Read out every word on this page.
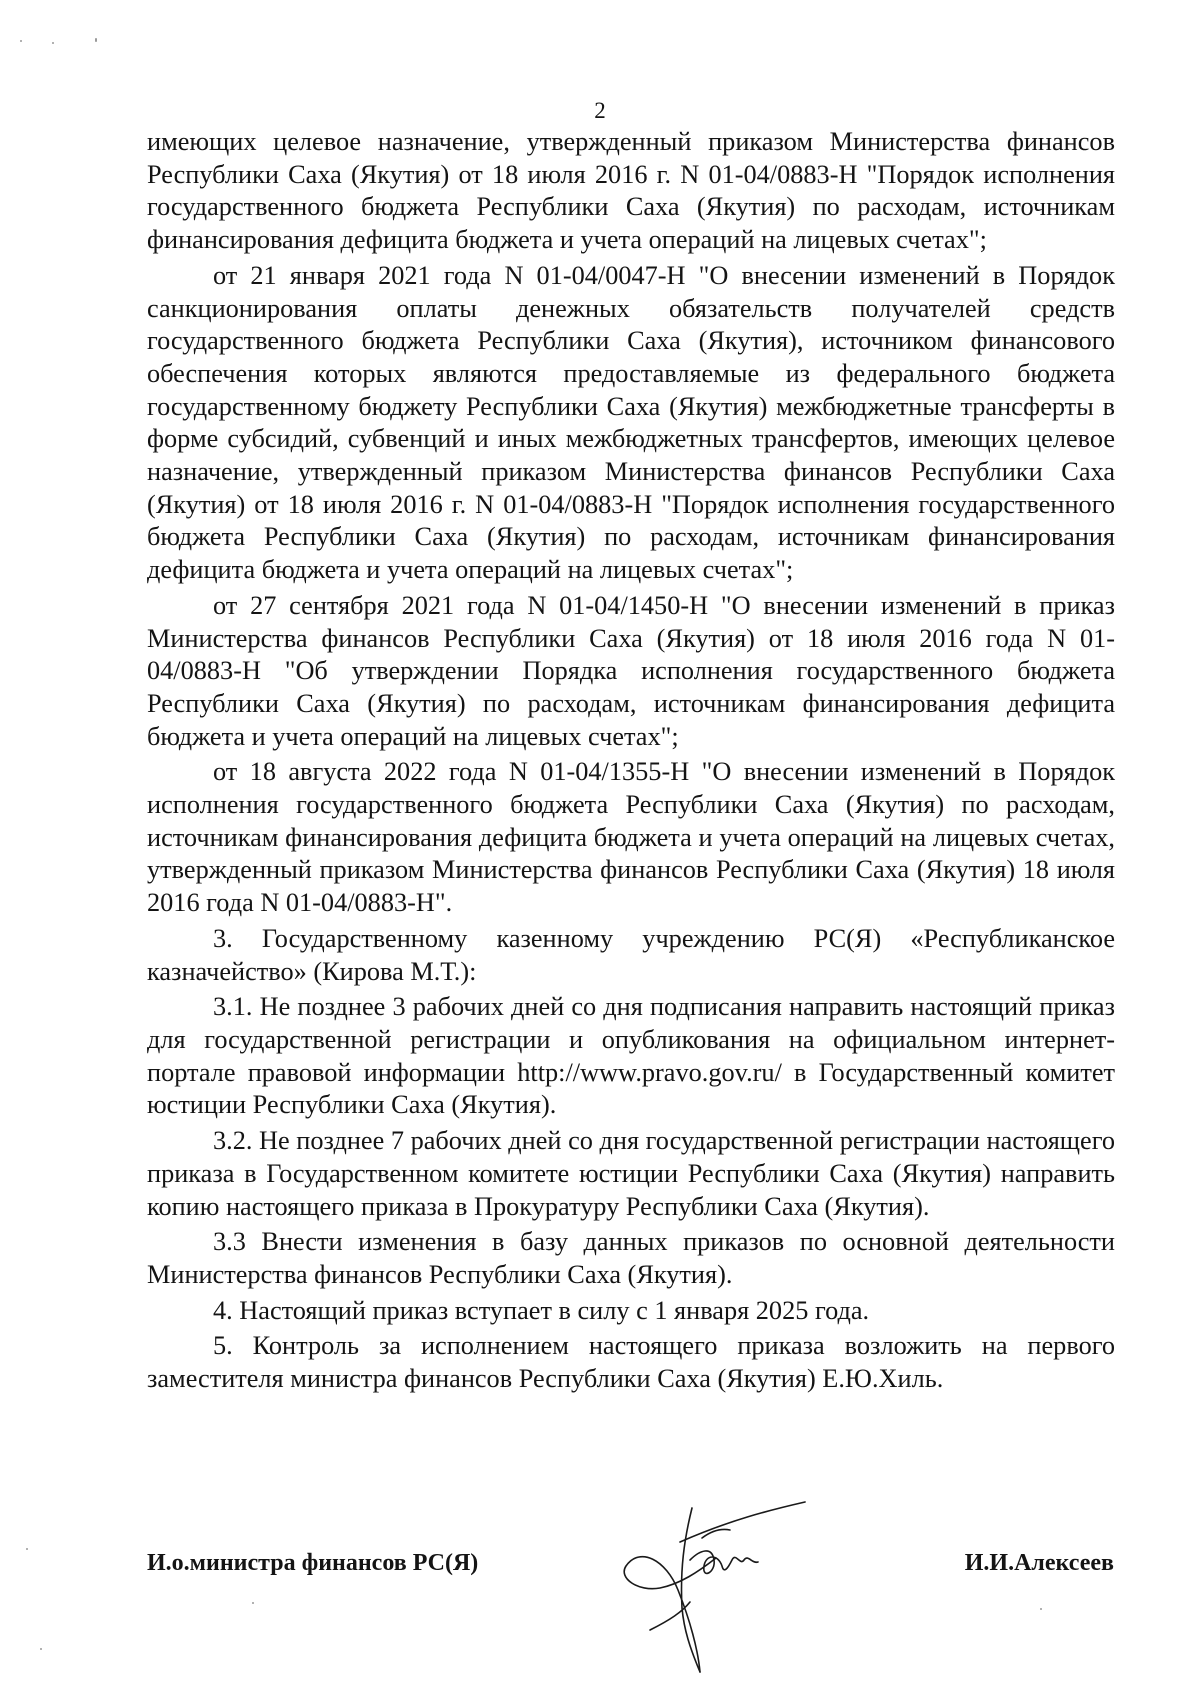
2

имеющих целевое назначение, утвержденный приказом Министерства финансов Республики Саха (Якутия) от 18 июля 2016 г. N 01-04/0883-Н "Порядок исполнения государственного бюджета Республики Саха (Якутия) по расходам, источникам финансирования дефицита бюджета и учета операций на лицевых счетах";

от 21 января 2021 года N 01-04/0047-Н "О внесении изменений в Порядок санкционирования оплаты денежных обязательств получателей средств государственного бюджета Республики Саха (Якутия), источником финансового обеспечения которых являются предоставляемые из федерального бюджета государственному бюджету Республики Саха (Якутия) межбюджетные трансферты в форме субсидий, субвенций и иных межбюджетных трансфертов, имеющих целевое назначение, утвержденный приказом Министерства финансов Республики Саха (Якутия) от 18 июля 2016 г. N 01-04/0883-Н "Порядок исполнения государственного бюджета Республики Саха (Якутия) по расходам, источникам финансирования дефицита бюджета и учета операций на лицевых счетах";

от 27 сентября 2021 года N 01-04/1450-Н "О внесении изменений в приказ Министерства финансов Республики Саха (Якутия) от 18 июля 2016 года N 01-04/0883-Н "Об утверждении Порядка исполнения государственного бюджета Республики Саха (Якутия) по расходам, источникам финансирования дефицита бюджета и учета операций на лицевых счетах";

от 18 августа 2022 года N 01-04/1355-Н "О внесении изменений в Порядок исполнения государственного бюджета Республики Саха (Якутия) по расходам, источникам финансирования дефицита бюджета и учета операций на лицевых счетах, утвержденный приказом Министерства финансов Республики Саха (Якутия) 18 июля 2016 года N 01-04/0883-Н".

3. Государственному казенному учреждению РС(Я) «Республиканское казначейство» (Кирова М.Т.):

3.1. Не позднее 3 рабочих дней со дня подписания направить настоящий приказ для государственной регистрации и опубликования на официальном интернет-портале правовой информации http://www.pravo.gov.ru/ в Государственный комитет юстиции Республики Саха (Якутия).

3.2. Не позднее 7 рабочих дней со дня государственной регистрации настоящего приказа в Государственном комитете юстиции Республики Саха (Якутия) направить копию настоящего приказа в Прокуратуру Республики Саха (Якутия).

3.3 Внести изменения в базу данных приказов по основной деятельности Министерства финансов Республики Саха (Якутия).

4. Настоящий приказ вступает в силу с 1 января 2025 года.

5. Контроль за исполнением настоящего приказа возложить на первого заместителя министра финансов Республики Саха (Якутия) Е.Ю.Хиль.

И.о.министра финансов РС(Я)	И.И.Алексеев
